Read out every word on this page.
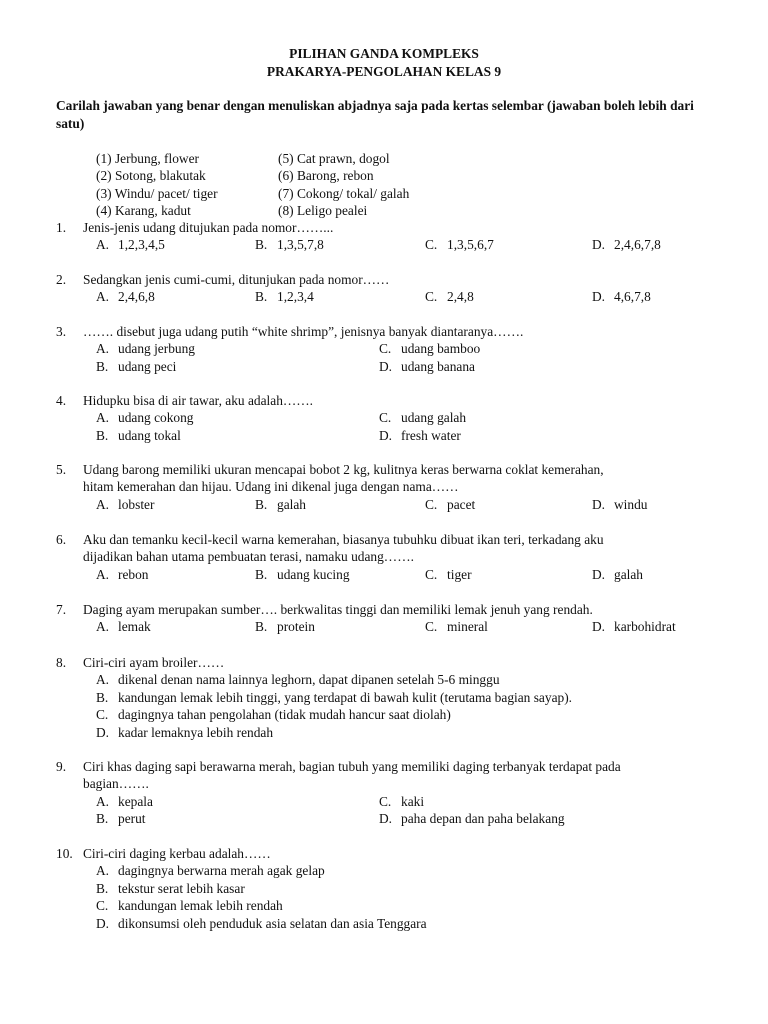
PILIHAN GANDA KOMPLEKS
PRAKARYA-PENGOLAHAN KELAS 9
Carilah jawaban yang benar dengan menuliskan abjadnya saja pada kertas selembar (jawaban boleh lebih dari satu)
(1) Jerbung, flower	(5) Cat prawn, dogol
(2) Sotong, blakutak	(6) Barong, rebon
(3) Windu/ pacet/ tiger	(7) Cokong/ tokal/ galah
(4) Karang, kadut	(8) Leligo pealei
1.	Jenis-jenis udang ditujukan pada nomor……...
A. 1,2,3,4,5	B. 1,3,5,7,8	C. 1,3,5,6,7	D. 2,4,6,7,8
2.	Sedangkan jenis cumi-cumi, ditunjukan pada nomor……
A. 2,4,6,8	B. 1,2,3,4	C. 2,4,8	D. 4,6,7,8
3.	……. disebut juga udang putih “white shrimp”, jenisnya banyak diantaranya…….
A. udang jerbung	C. udang bamboo
B. udang peci	D. udang banana
4.	Hidupku bisa di air tawar, aku adalah…….
A. udang cokong	C. udang galah
B. udang tokal	D. fresh water
5.	Udang barong memiliki ukuran mencapai bobot 2 kg, kulitnya keras berwarna coklat kemerahan,
hitam kemerahan dan hijau. Udang ini dikenal juga dengan nama……
A. lobster	B. galah	C. pacet	D. windu
6.	Aku dan temanku kecil-kecil warna kemerahan, biasanya tubuhku dibuat ikan teri, terkadang aku
dijadikan bahan utama pembuatan terasi, namaku udang…….
A. rebon	B. udang kucing	C. tiger	D. galah
7.	Daging ayam merupakan sumber…. berkwalitas tinggi dan memiliki lemak jenuh yang rendah.
A. lemak	B. protein	C. mineral	D. karbohidrat
8.	Ciri-ciri ayam broiler……
A. dikenal denan nama lainnya leghorn, dapat dipanen setelah 5-6 minggu
B. kandungan lemak lebih tinggi, yang terdapat di bawah kulit (terutama bagian sayap).
C. dagingnya tahan pengolahan (tidak mudah hancur saat diolah)
D. kadar lemaknya lebih rendah
9.	Ciri khas daging sapi berawarna merah, bagian tubuh yang memiliki daging terbanyak terdapat pada
bagian…….
A. kepala	C. kaki
B. perut	D. paha depan dan paha belakang
10. Ciri-ciri daging kerbau adalah……
A. dagingnya berwarna merah agak gelap
B. tekstur serat lebih kasar
C. kandungan lemak lebih rendah
D. dikonsumsi oleh penduduk asia selatan dan asia Tenggara
